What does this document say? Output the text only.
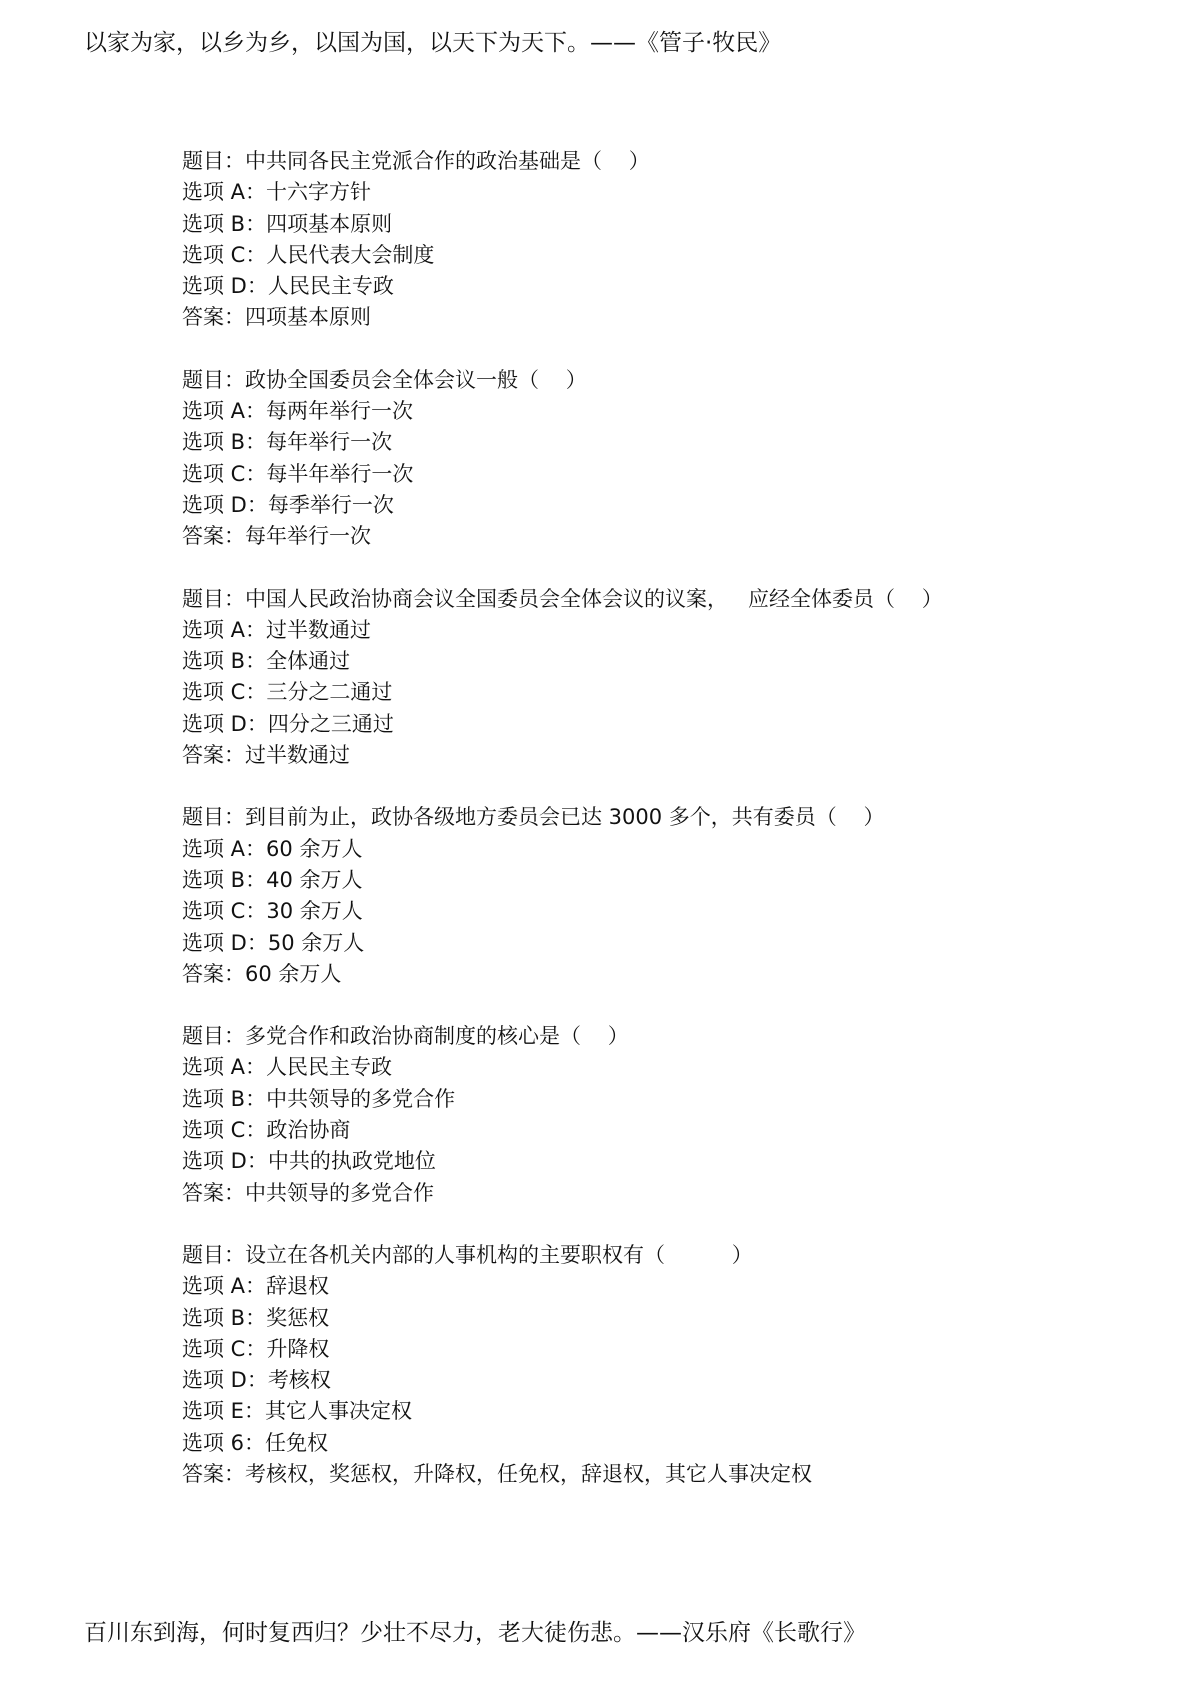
以家为家，以乡为乡，以国为国，以天下为天下。——《管子·牧民》
题目：中共同各民主党派合作的政治基础是（    ）
选项 A：十六字方针
选项 B：四项基本原则
选项 C：人民代表大会制度
选项 D：人民民主专政
答案：四项基本原则
题目：政协全国委员会全体会议一般（    ）
选项 A：每两年举行一次
选项 B：每年举行一次
选项 C：每半年举行一次
选项 D：每季举行一次
答案：每年举行一次
题目：中国人民政治协商会议全国委员会全体会议的议案，   应经全体委员（    ）
选项 A：过半数通过
选项 B：全体通过
选项 C：三分之二通过
选项 D：四分之三通过
答案：过半数通过
题目：到目前为止，政协各级地方委员会已达 3000 多个，共有委员（    ）
选项 A：60 余万人
选项 B：40 余万人
选项 C：30 余万人
选项 D：50 余万人
答案：60 余万人
题目：多党合作和政治协商制度的核心是（    ）
选项 A：人民民主专政
选项 B：中共领导的多党合作
选项 C：政治协商
选项 D：中共的执政党地位
答案：中共领导的多党合作
题目：设立在各机关内部的人事机构的主要职权有（          ）
选项 A：辞退权
选项 B：奖惩权
选项 C：升降权
选项 D：考核权
选项 E：其它人事决定权
选项 6：任免权
答案：考核权，奖惩权，升降权，任免权，辞退权，其它人事决定权
百川东到海，何时复西归？少壮不尽力，老大徒伤悲。——汉乐府《长歌行》
